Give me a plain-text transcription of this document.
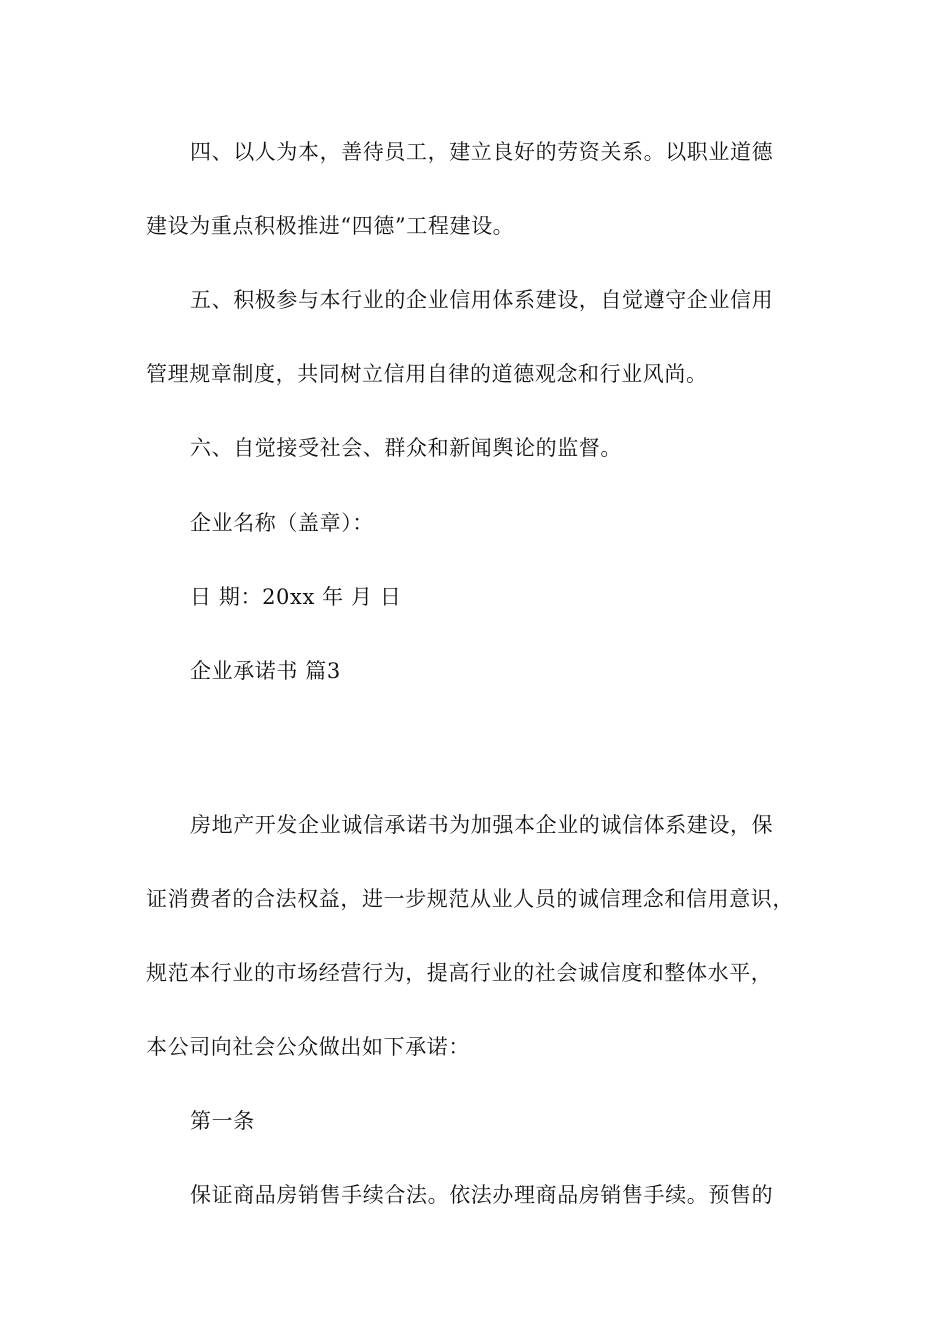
四、以人为本，善待员工，建立良好的劳资关系。以职业道德
建设为重点积极推进“四德”工程建设。
五、积极参与本行业的企业信用体系建设，自觉遵守企业信用
管理规章制度，共同树立信用自律的道德观念和行业风尚。
六、自觉接受社会、群众和新闻舆论的监督。
企业名称（盖章）：
日 期：20xx 年 月 日
企业承诺书 篇3
房地产开发企业诚信承诺书为加强本企业的诚信体系建设，保
证消费者的合法权益，进一步规范从业人员的诚信理念和信用意识，
规范本行业的市场经营行为，提高行业的社会诚信度和整体水平，
本公司向社会公众做出如下承诺：
第一条
保证商品房销售手续合法。依法办理商品房销售手续。预售的
